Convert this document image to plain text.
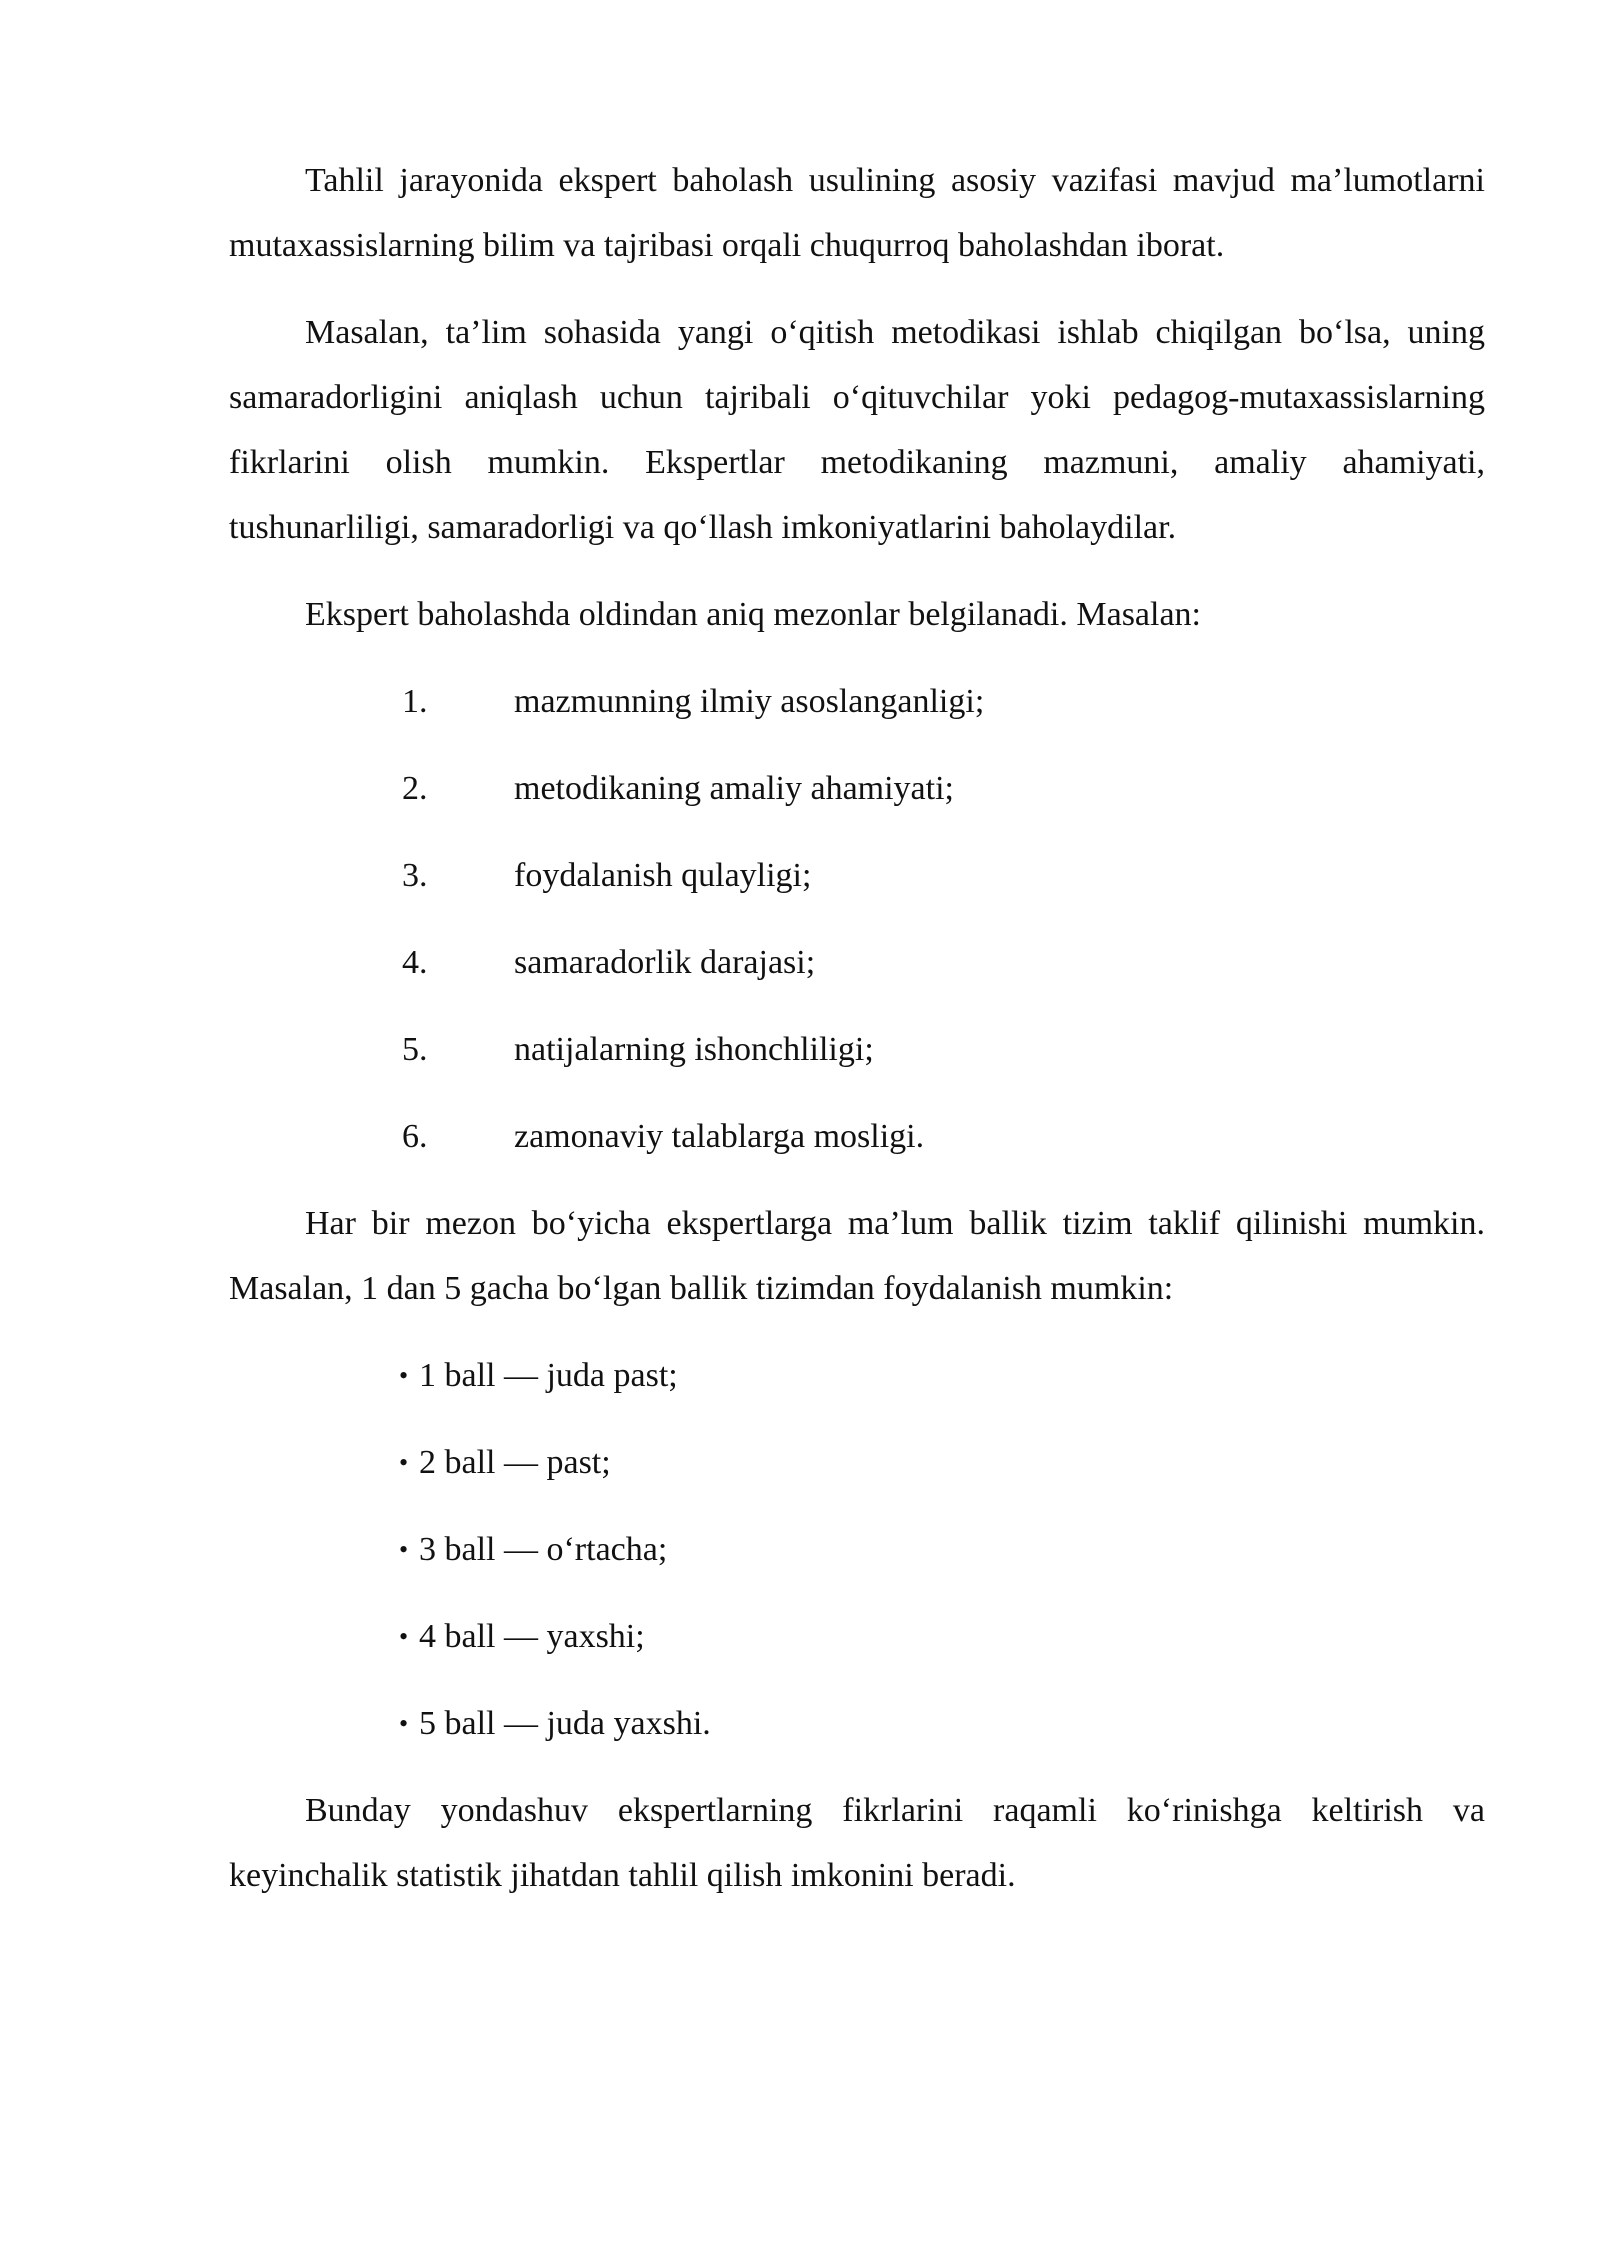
Tahlil jarayonida ekspert baholash usulining asosiy vazifasi mavjud ma’lumotlarni mutaxassislarning bilim va tajribasi orqali chuqurroq baholashdan iborat.

Masalan, ta’lim sohasida yangi o‘qitish metodikasi ishlab chiqilgan bo‘lsa, uning samaradorligini aniqlash uchun tajribali o‘qituvchilar yoki pedagog-mutaxassislarning fikrlarini olish mumkin. Ekspertlar metodikaning mazmuni, amaliy ahamiyati, tushunarliligi, samaradorligi va qo‘llash imkoniyatlarini baholaydilar.

Ekspert baholashda oldindan aniq mezonlar belgilanadi. Masalan:

1.	mazmunning ilmiy asoslanganligi;
2.	metodikaning amaliy ahamiyati;
3.	foydalanish qulayligi;
4.	samaradorlik darajasi;
5.	natijalarning ishonchliligi;
6.	zamonaviy talablarga mosligi.

Har bir mezon bo‘yicha ekspertlarga ma’lum ballik tizim taklif qilinishi mumkin. Masalan, 1 dan 5 gacha bo‘lgan ballik tizimdan foydalanish mumkin:

• 1 ball — juda past;
• 2 ball — past;
• 3 ball — o‘rtacha;
• 4 ball — yaxshi;
• 5 ball — juda yaxshi.

Bunday yondashuv ekspertlarning fikrlarini raqamli ko‘rinishga keltirish va keyinchalik statistik jihatdan tahlil qilish imkonini beradi.
